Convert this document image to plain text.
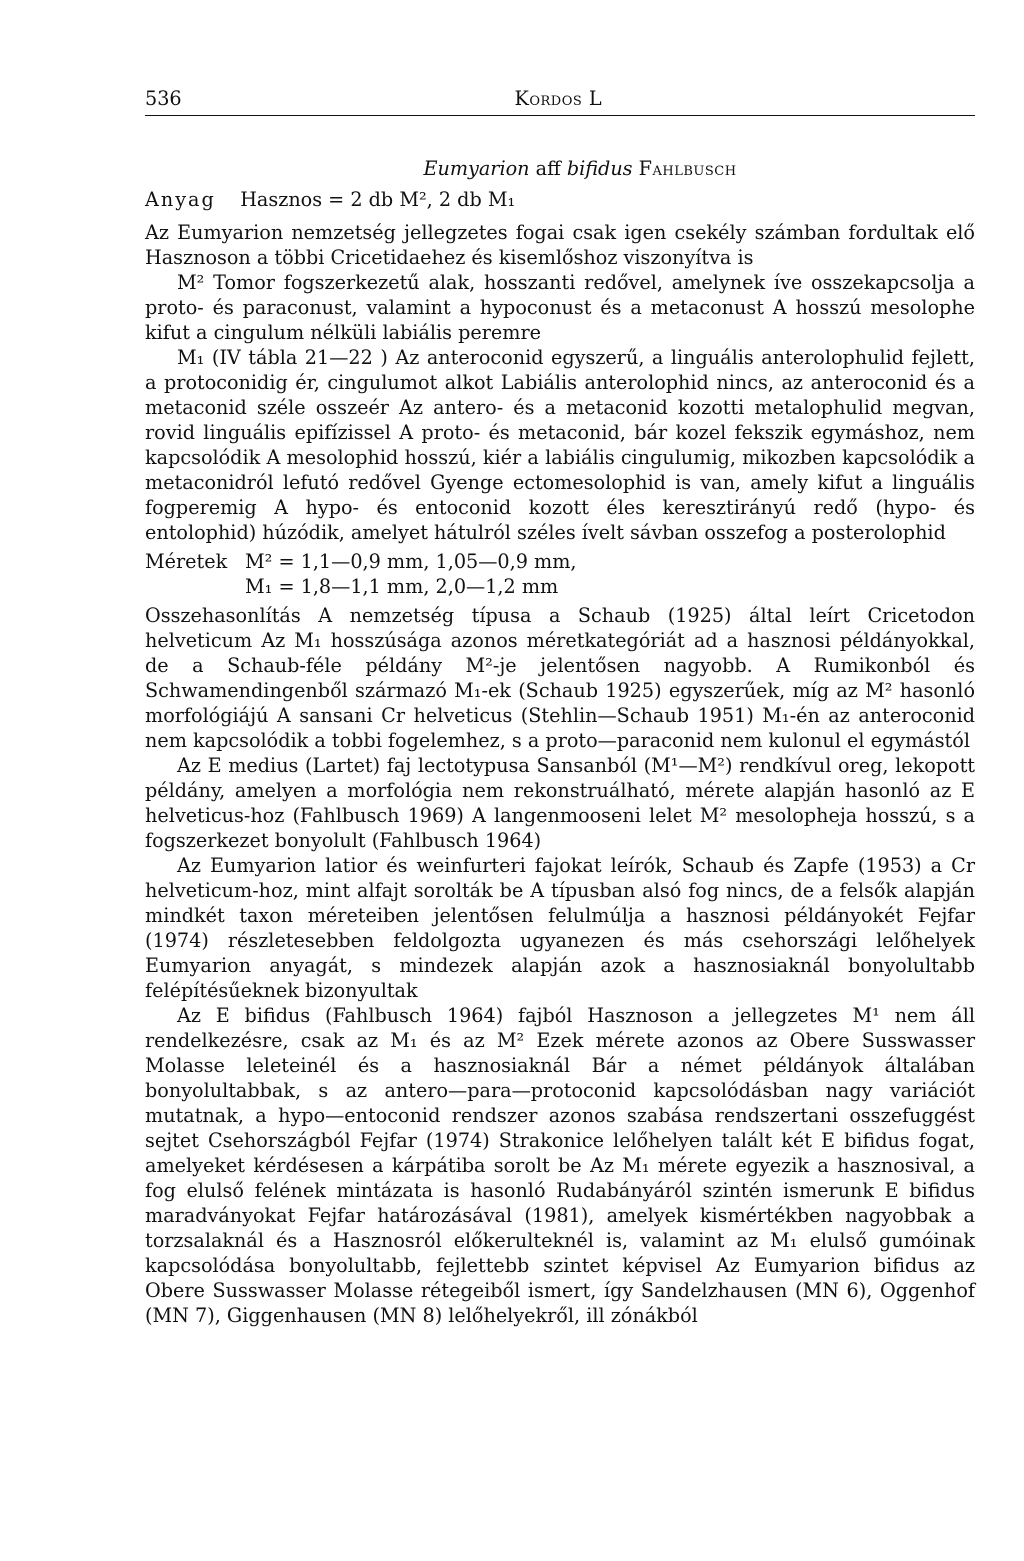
536	Kordos L
Eumyarion aff bifidus Fahlbusch
Anyag Hasznos = 2 db M², 2 db M₁

Az Eumyarion nemzetség jellegzetes fogai csak igen csekély számban fordultak elő Hasznoson a többi Cricetidaehez és kisemlőshoz viszonyítva is

M² Tomor fogszerkezetű alak, hosszanti redővel, amelynek íve osszekapcsolja a proto- és paraconust, valamint a hypoconust és a metaconust A hosszú mesolophe kifut a cingulum nélküli labiális peremre

M₁ (IV tábla 21—22 ) Az anteroconid egyszerű, a linguális anterolophulid fejlett, a protoconidig ér, cingulumot alkot Labiális anterolophid nincs, az anteroconid és a metaconid széle osszeér Az antero- és a metaconid kozotti metalophulid megvan, rovid linguális epifízissel A proto- és metaconid, bár kozel fekszik egymáshoz, nem kapcsolódik A mesolophid hosszú, kiér a labiális cingulumig, mikozben kapcsolódik a metaconidról lefutó redővel Gyenge ectomesolophid is van, amely kifut a linguális fogperemig A hypo- és entoconid kozott éles keresztirányú redő (hypo- és entolophid) húzódik, amelyet hátulról széles ívelt sávban osszefog a posterolophid

Méretek M² = 1,1—0,9 mm, 1,05—0,9 mm,
M₁ = 1,8—1,1 mm, 2,0—1,2 mm

Osszehasonlítás A nemzetség típusa a Schaub (1925) által leírt Cricetodon helveticum Az M₁ hosszúsága azonos méretkategóriát ad a hasznosi példányokkal, de a Schaub-féle példány M²-je jelentősen nagyobb. A Rumikonból és Schwamendingenből származó M₁-ek (Schaub 1925) egyszerűek, míg az M² hasonló morfológiájú A sansani Cr helveticus (Stehlin—Schaub 1951) M₁-én az anteroconid nem kapcsolódik a tobbi fogelemhez, s a proto—paraconid nem kulonul el egymástól

Az E medius (Lartet) faj lectotypusa Sansanból (M¹—M²) rendkívul oreg, lekopott példány, amelyen a morfológia nem rekonstruálható, mérete alapján hasonló az E helveticus-hoz (Fahlbusch 1969) A langenmooseni lelet M² mesolopheja hosszú, s a fogszerkezet bonyolult (Fahlbusch 1964)

Az Eumyarion latior és weinfurteri fajokat leírók, Schaub és Zapfe (1953) a Cr helveticum-hoz, mint alfajt sorolták be A típusban alsó fog nincs, de a felsők alapján mindkét taxon méreteiben jelentősen felulmúlja a hasznosi példányokét Fejfar (1974) részletesebben feldolgozta ugyanezen és más csehországi lelőhelyek Eumyarion anyagát, s mindezek alapján azok a hasznosiaknál bonyolultabb felépítésűeknek bizonyultak

Az E bifidus (Fahlbusch 1964) fajból Hasznoson a jellegzetes M¹ nem áll rendelkezésre, csak az M₁ és az M² Ezek mérete azonos az Obere Susswasser Molasse leleteinél és a hasznosiaknál Bár a német példányok általában bonyolultabbak, s az antero—para—protoconid kapcsolódásban nagy variációt mutatnak, a hypo—entoconid rendszer azonos szabása rendszertani osszefuggést sejtet Csehországból Fejfar (1974) Strakonice lelőhelyen talált két E bifidus fogat, amelyeket kérdésesen a kárpátiba sorolt be Az M₁ mérete egyezik a hasznosival, a fog elulső felének mintázata is hasonló Rudabányáról szintén ismerunk E bifidus maradványokat Fejfar határozásával (1981), amelyek kismértékben nagyobbak a torzsalaknál és a Hasznosról előkerulteknél is, valamint az M₁ elulső gumóinak kapcsolódása bonyolultabb, fejlettebb szintet képvisel Az Eumyarion bifidus az Obere Susswasser Molasse rétegeiből ismert, így Sandelzhausen (MN 6), Oggenhof (MN 7), Giggenhausen (MN 8) lelőhelyekről, ill zónákból
